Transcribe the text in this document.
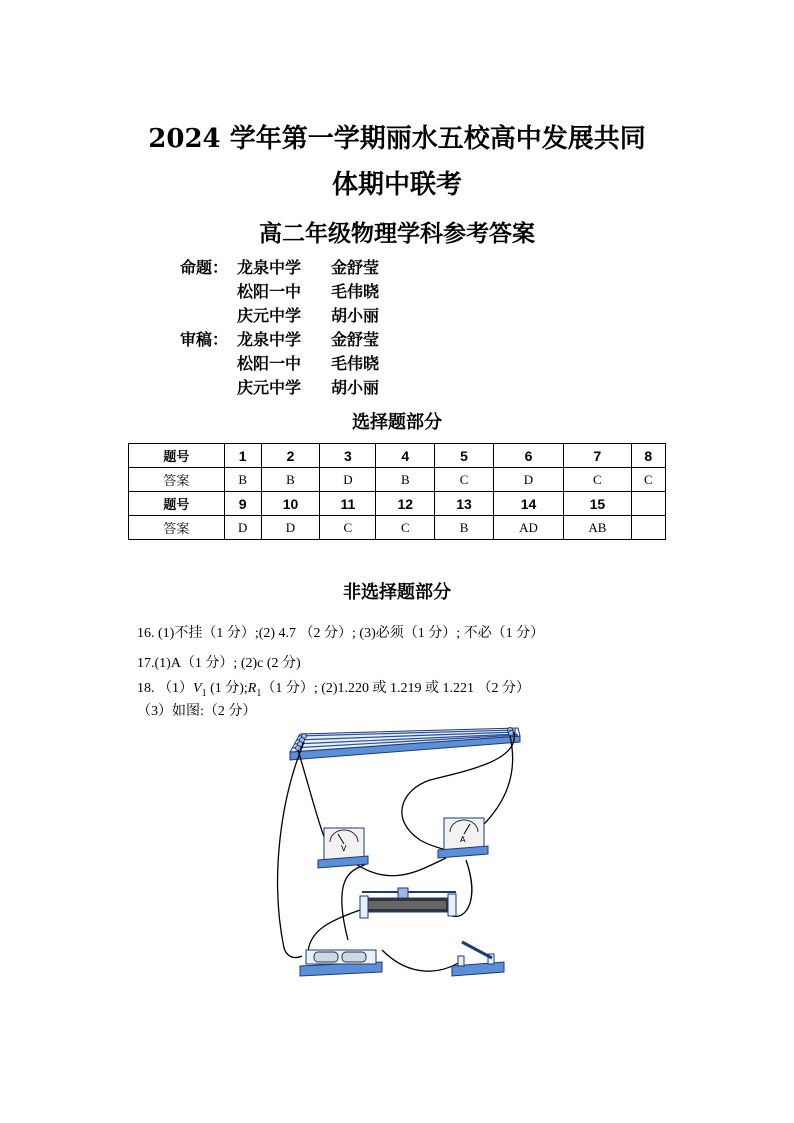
2024 学年第一学期丽水五校高中发展共同
体期中联考
高二年级物理学科参考答案
命题： 龙泉中学	金舒莹
松阳一中	毛伟晓
庆元中学	胡小丽
审稿： 龙泉中学	金舒莹
松阳一中	毛伟晓
庆元中学	胡小丽
选择题部分
题号	1	2	3	4	5	6	7	8
答案	B	B	D	B	C	D	C	C
题号	9	10	11	12	13	14	15	
答案	D	D	C	C	B	AD	AB	
非选择题部分
16. (1)不挂（1 分）;(2) 4.7 （2 分）; (3)必须（1 分）; 不必（1 分）
17.(1)A（1 分）; (2)c (2 分)
18. $(1)V_1$ (1 分)$;R_1(1$ 分）; (2)1.220 或 1.219 或 1.221 （2 分）
（3）如图:（2 分）
V
A
